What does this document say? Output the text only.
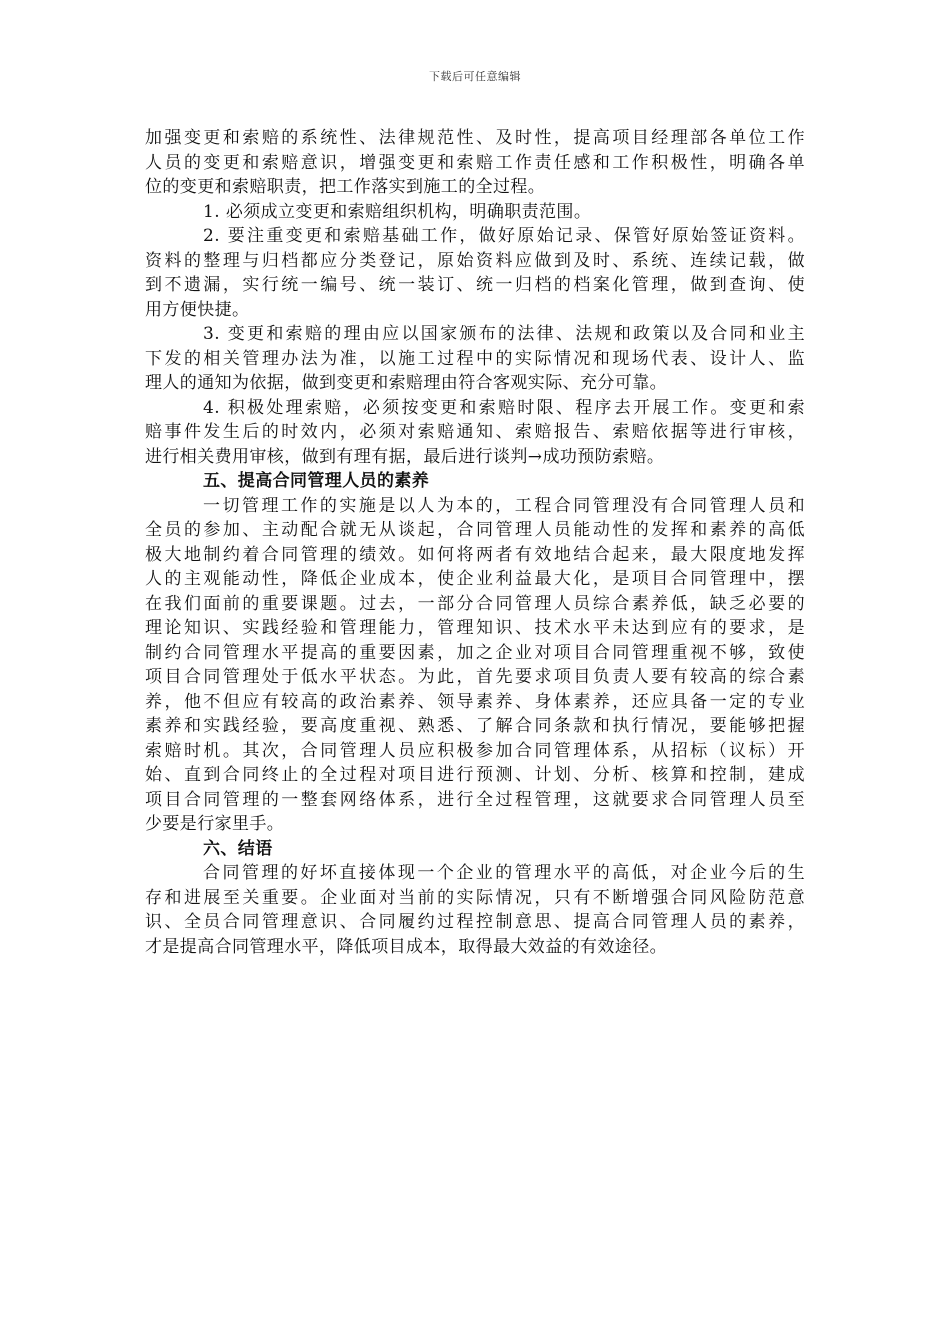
下载后可任意编辑
加强变更和索赔的系统性、法律规范性、及时性，提高项目经理部各单位工作
人员的变更和索赔意识，增强变更和索赔工作责任感和工作积极性，明确各单
位的变更和索赔职责，把工作落实到施工的全过程。
1. 必须成立变更和索赔组织机构，明确职责范围。
2. 要注重变更和索赔基础工作，做好原始记录、保管好原始签证资料。
资料的整理与归档都应分类登记，原始资料应做到及时、系统、连续记载，做
到不遗漏，实行统一编号、统一装订、统一归档的档案化管理，做到查询、使
用方便快捷。
3. 变更和索赔的理由应以国家颁布的法律、法规和政策以及合同和业主
下发的相关管理办法为准，以施工过程中的实际情况和现场代表、设计人、监
理人的通知为依据，做到变更和索赔理由符合客观实际、充分可靠。
4. 积极处理索赔，必须按变更和索赔时限、程序去开展工作。变更和索
赔事件发生后的时效内，必须对索赔通知、索赔报告、索赔依据等进行审核，
进行相关费用审核，做到有理有据，最后进行谈判→成功预防索赔。
五、提高合同管理人员的素养
一切管理工作的实施是以人为本的，工程合同管理没有合同管理人员和
全员的参加、主动配合就无从谈起，合同管理人员能动性的发挥和素养的高低
极大地制约着合同管理的绩效。如何将两者有效地结合起来，最大限度地发挥
人的主观能动性，降低企业成本，使企业利益最大化，是项目合同管理中，摆
在我们面前的重要课题。过去，一部分合同管理人员综合素养低，缺乏必要的
理论知识、实践经验和管理能力，管理知识、技术水平未达到应有的要求，是
制约合同管理水平提高的重要因素，加之企业对项目合同管理重视不够，致使
项目合同管理处于低水平状态。为此，首先要求项目负责人要有较高的综合素
养，他不但应有较高的政治素养、领导素养、身体素养，还应具备一定的专业
素养和实践经验，要高度重视、熟悉、了解合同条款和执行情况，要能够把握
索赔时机。其次，合同管理人员应积极参加合同管理体系，从招标（议标）开
始、直到合同终止的全过程对项目进行预测、计划、分析、核算和控制，建成
项目合同管理的一整套网络体系，进行全过程管理，这就要求合同管理人员至
少要是行家里手。
六、结语
合同管理的好坏直接体现一个企业的管理水平的高低，对企业今后的生
存和进展至关重要。企业面对当前的实际情况，只有不断增强合同风险防范意
识、全员合同管理意识、合同履约过程控制意思、提高合同管理人员的素养，
才是提高合同管理水平，降低项目成本，取得最大效益的有效途径。
